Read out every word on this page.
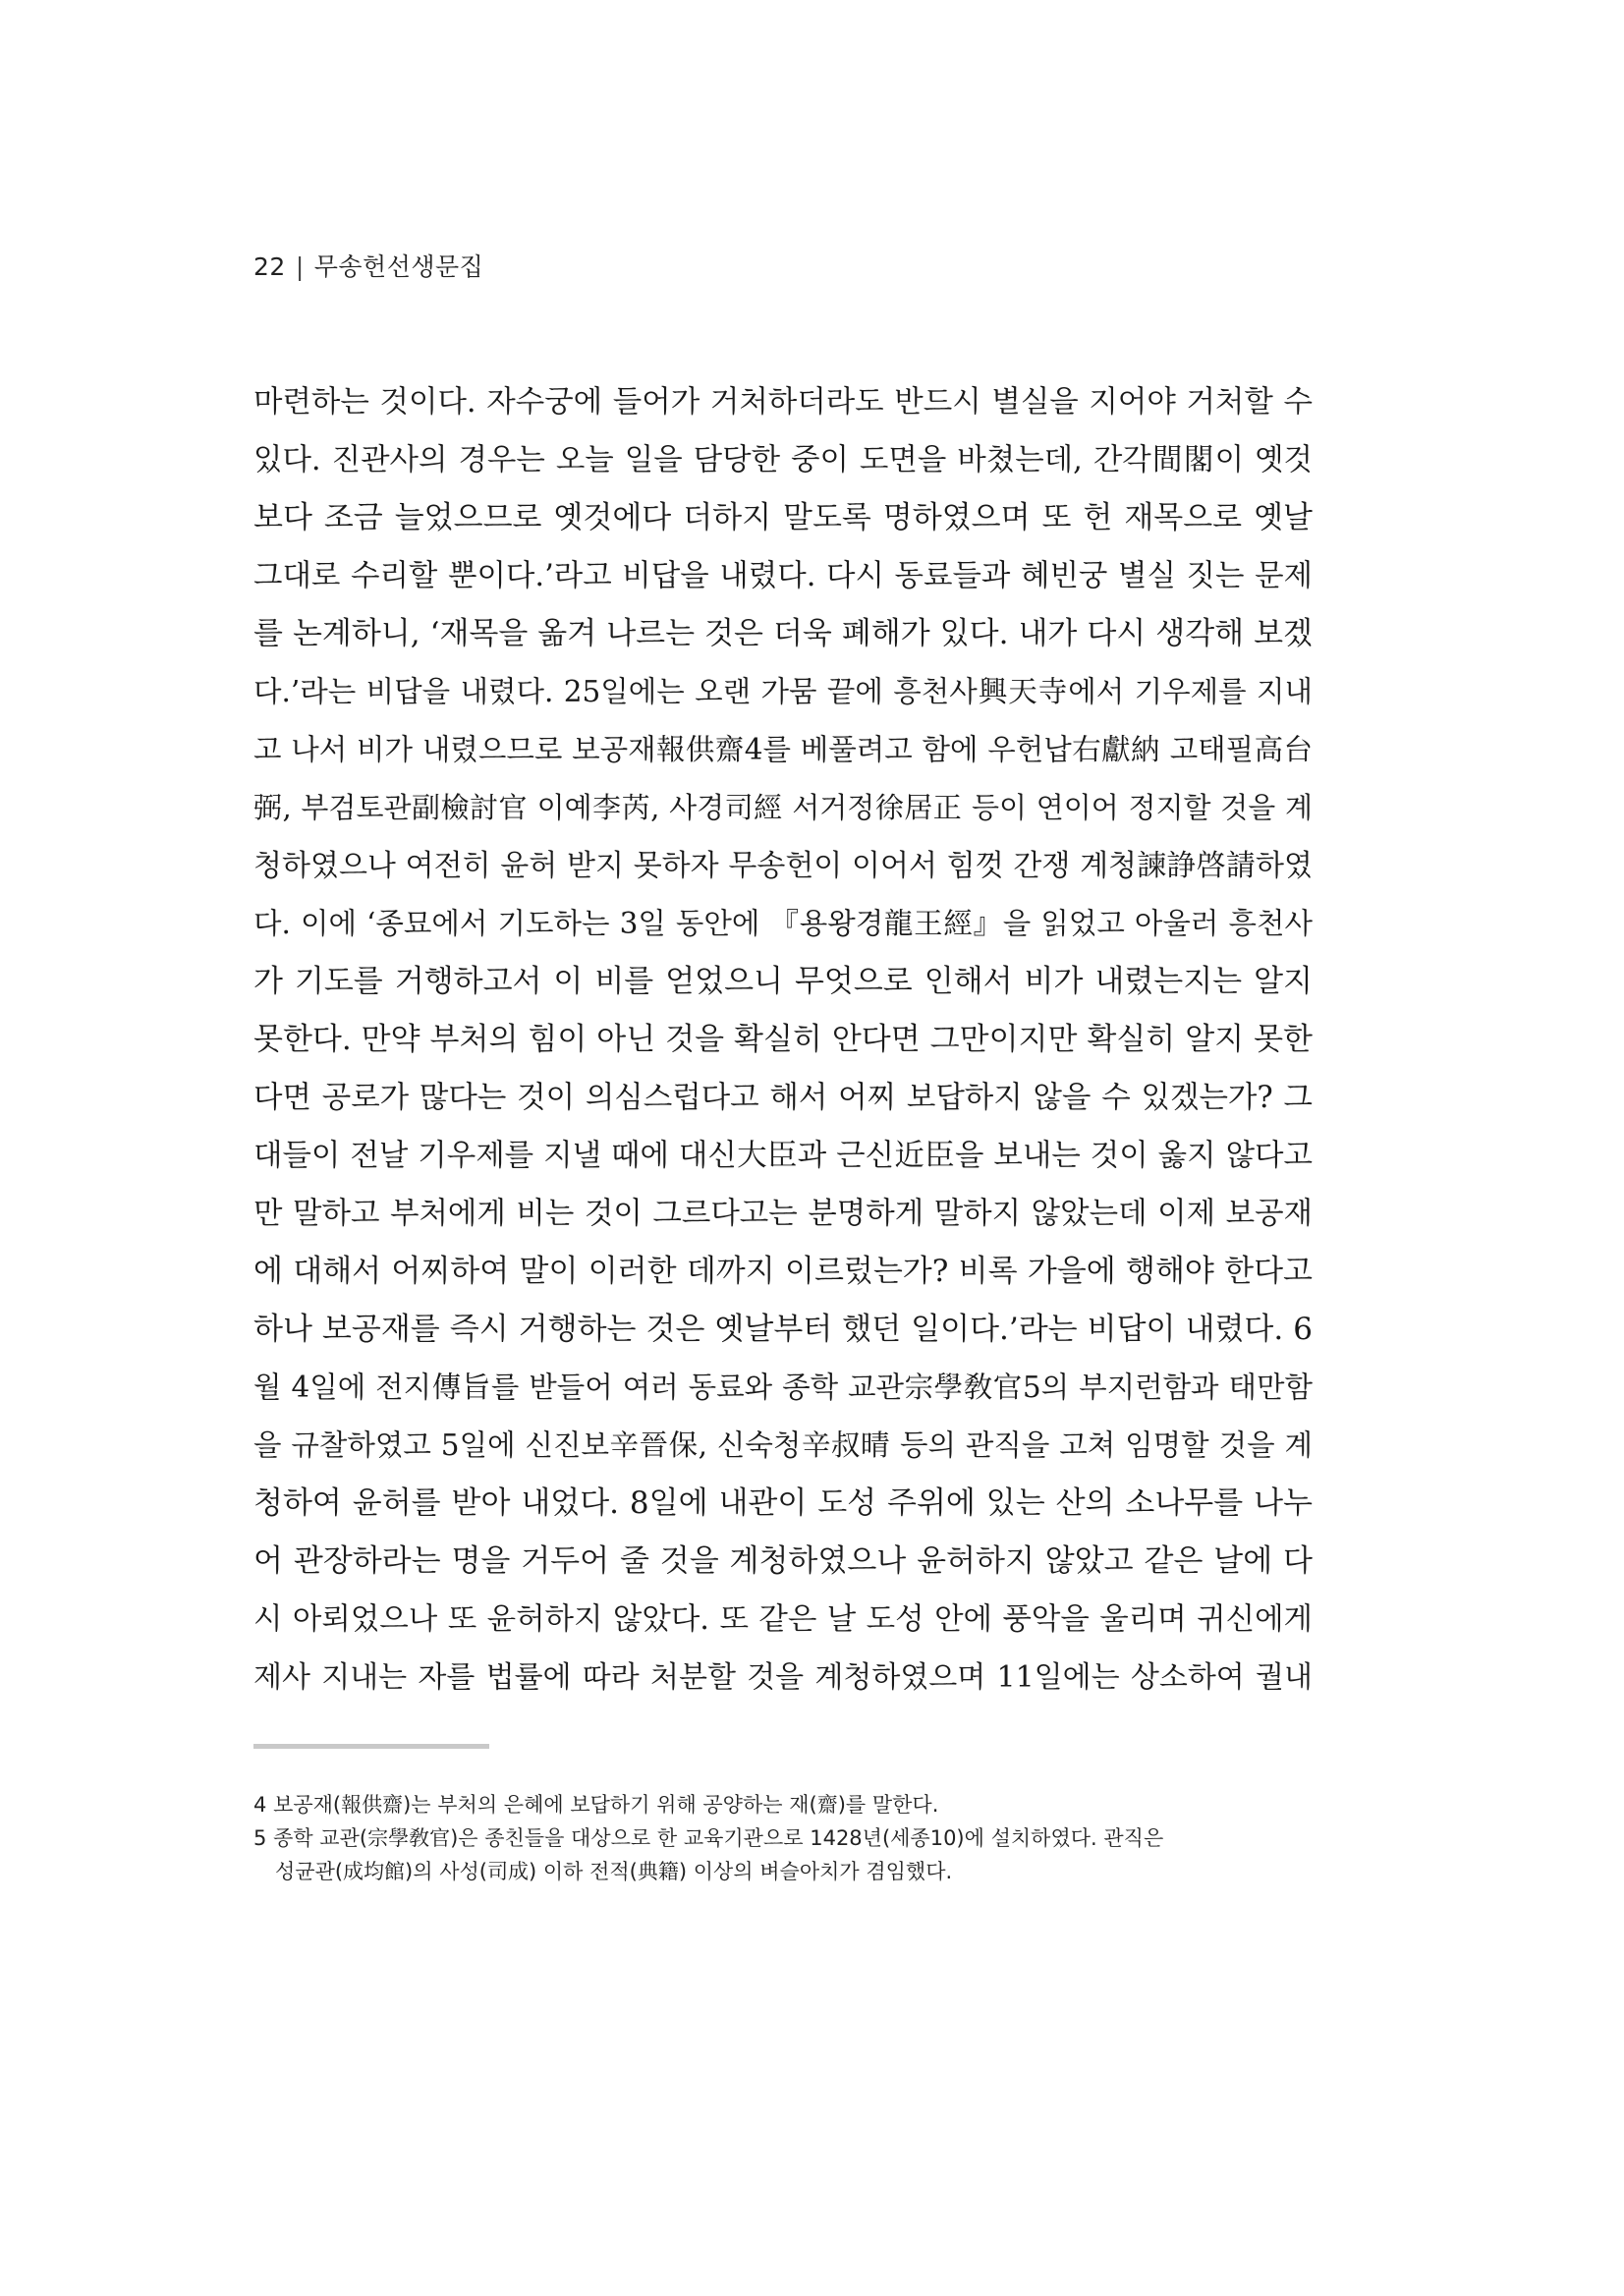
22 | 무송헌선생문집
마련하는 것이다. 자수궁에 들어가 거처하더라도 반드시 별실을 지어야 거처할 수
있다. 진관사의 경우는 오늘 일을 담당한 중이 도면을 바쳤는데, 간각間閣이 옛것
보다 조금 늘었으므로 옛것에다 더하지 말도록 명하였으며 또 헌 재목으로 옛날
그대로 수리할 뿐이다.’라고 비답을 내렸다. 다시 동료들과 혜빈궁 별실 짓는 문제
를 논계하니, ‘재목을 옮겨 나르는 것은 더욱 폐해가 있다. 내가 다시 생각해 보겠
다.’라는 비답을 내렸다. 25일에는 오랜 가뭄 끝에 흥천사興天寺에서 기우제를 지내
고 나서 비가 내렸으므로 보공재報供齋4를 베풀려고 함에 우헌납右獻納 고태필高台
弼, 부검토관副檢討官 이예李芮, 사경司經 서거정徐居正 등이 연이어 정지할 것을 계
청하였으나 여전히 윤허 받지 못하자 무송헌이 이어서 힘껏 간쟁 계청諫諍啓請하였
다. 이에 ‘종묘에서 기도하는 3일 동안에 『용왕경龍王經』을 읽었고 아울러 흥천사
가 기도를 거행하고서 이 비를 얻었으니 무엇으로 인해서 비가 내렸는지는 알지
못한다. 만약 부처의 힘이 아닌 것을 확실히 안다면 그만이지만 확실히 알지 못한
다면 공로가 많다는 것이 의심스럽다고 해서 어찌 보답하지 않을 수 있겠는가? 그
대들이 전날 기우제를 지낼 때에 대신大臣과 근신近臣을 보내는 것이 옳지 않다고
만 말하고 부처에게 비는 것이 그르다고는 분명하게 말하지 않았는데 이제 보공재
에 대해서 어찌하여 말이 이러한 데까지 이르렀는가? 비록 가을에 행해야 한다고
하나 보공재를 즉시 거행하는 것은 옛날부터 했던 일이다.’라는 비답이 내렸다. 6
월 4일에 전지傳旨를 받들어 여러 동료와 종학 교관宗學敎官5의 부지런함과 태만함
을 규찰하였고 5일에 신진보辛晉保, 신숙청辛叔晴 등의 관직을 고쳐 임명할 것을 계
청하여 윤허를 받아 내었다. 8일에 내관이 도성 주위에 있는 산의 소나무를 나누
어 관장하라는 명을 거두어 줄 것을 계청하였으나 윤허하지 않았고 같은 날에 다
시 아뢰었으나 또 윤허하지 않았다. 또 같은 날 도성 안에 풍악을 울리며 귀신에게
제사 지내는 자를 법률에 따라 처분할 것을 계청하였으며 11일에는 상소하여 궐내
4 보공재(報供齋)는 부처의 은혜에 보답하기 위해 공양하는 재(齋)를 말한다.
5 종학 교관(宗學敎官)은 종친들을 대상으로 한 교육기관으로 1428년(세종10)에 설치하였다. 관직은
성균관(成均館)의 사성(司成) 이하 전적(典籍) 이상의 벼슬아치가 겸임했다.
